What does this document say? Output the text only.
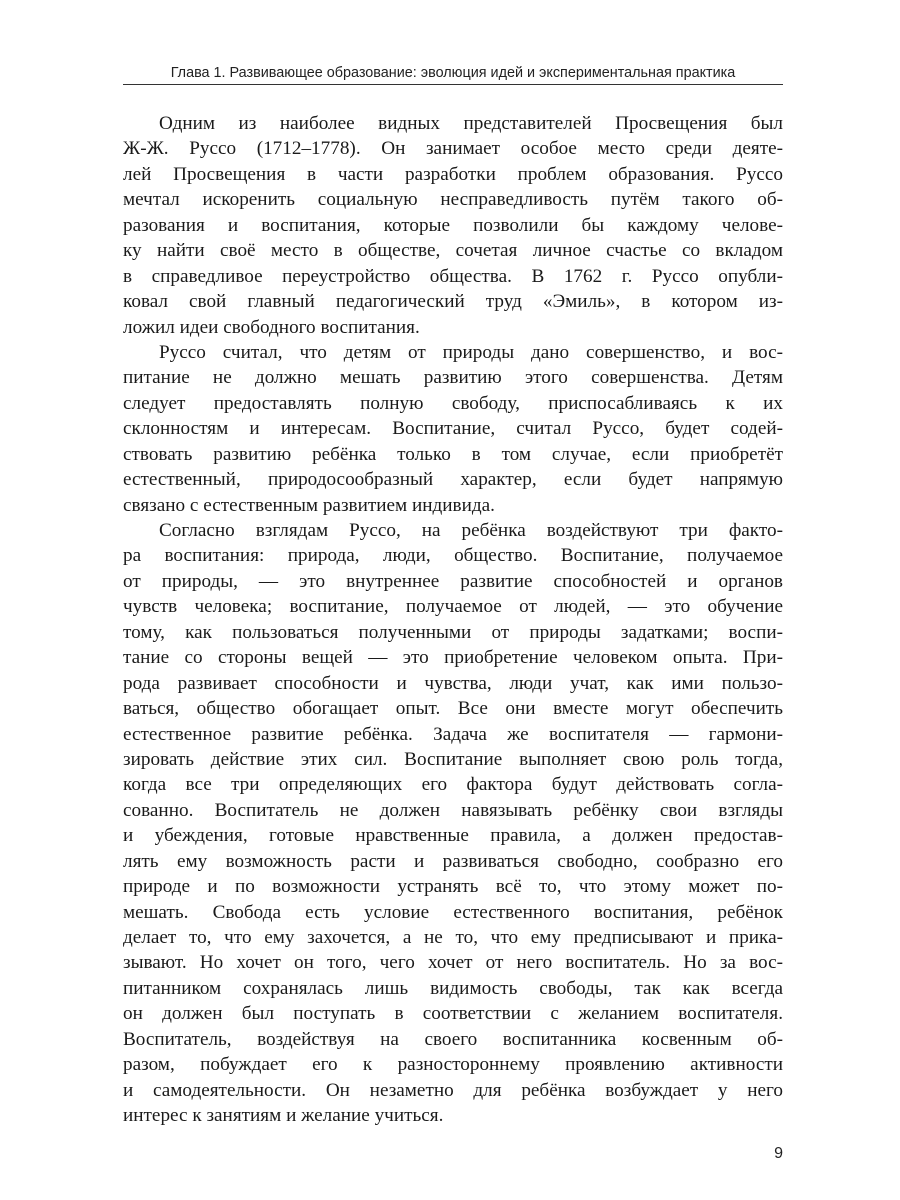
Глава 1. Развивающее образование: эволюция идей и экспериментальная практика
Одним из наиболее видных представителей Просвещения был
Ж-Ж. Руссо (1712–1778). Он занимает особое место среди деяте-
лей Просвещения в части разработки проблем образования. Руссо
мечтал искоренить социальную несправедливость путём такого об-
разования и воспитания, которые позволили бы каждому челове-
ку найти своё место в обществе, сочетая личное счастье со вкладом
в справедливое переустройство общества. В 1762 г. Руссо опубли-
ковал свой главный педагогический труд «Эмиль», в котором из-
ложил идеи свободного воспитания.
Руссо считал, что детям от природы дано совершенство, и вос-
питание не должно мешать развитию этого совершенства. Детям
следует предоставлять полную свободу, приспосабливаясь к их
склонностям и интересам. Воспитание, считал Руссо, будет содей-
ствовать развитию ребёнка только в том случае, если приобретёт
естественный, природосообразный характер, если будет напрямую
связано с естественным развитием индивида.
Согласно взглядам Руссо, на ребёнка воздействуют три факто-
ра воспитания: природа, люди, общество. Воспитание, получаемое
от природы, — это внутреннее развитие способностей и органов
чувств человека; воспитание, получаемое от людей, — это обучение
тому, как пользоваться полученными от природы задатками; воспи-
тание со стороны вещей — это приобретение человеком опыта. При-
рода развивает способности и чувства, люди учат, как ими пользо-
ваться, общество обогащает опыт. Все они вместе могут обеспечить
естественное развитие ребёнка. Задача же воспитателя — гармони-
зировать действие этих сил. Воспитание выполняет свою роль тогда,
когда все три определяющих его фактора будут действовать согла-
сованно. Воспитатель не должен навязывать ребёнку свои взгляды
и убеждения, готовые нравственные правила, а должен предостав-
лять ему возможность расти и развиваться свободно, сообразно его
природе и по возможности устранять всё то, что этому может по-
мешать. Свобода есть условие естественного воспитания, ребёнок
делает то, что ему захочется, а не то, что ему предписывают и прика-
зывают. Но хочет он того, чего хочет от него воспитатель. Но за вос-
питанником сохранялась лишь видимость свободы, так как всегда
он должен был поступать в соответствии с желанием воспитателя.
Воспитатель, воздействуя на своего воспитанника косвенным об-
разом, побуждает его к разностороннему проявлению активности
и самодеятельности. Он незаметно для ребёнка возбуждает у него
интерес к занятиям и желание учиться.
9
